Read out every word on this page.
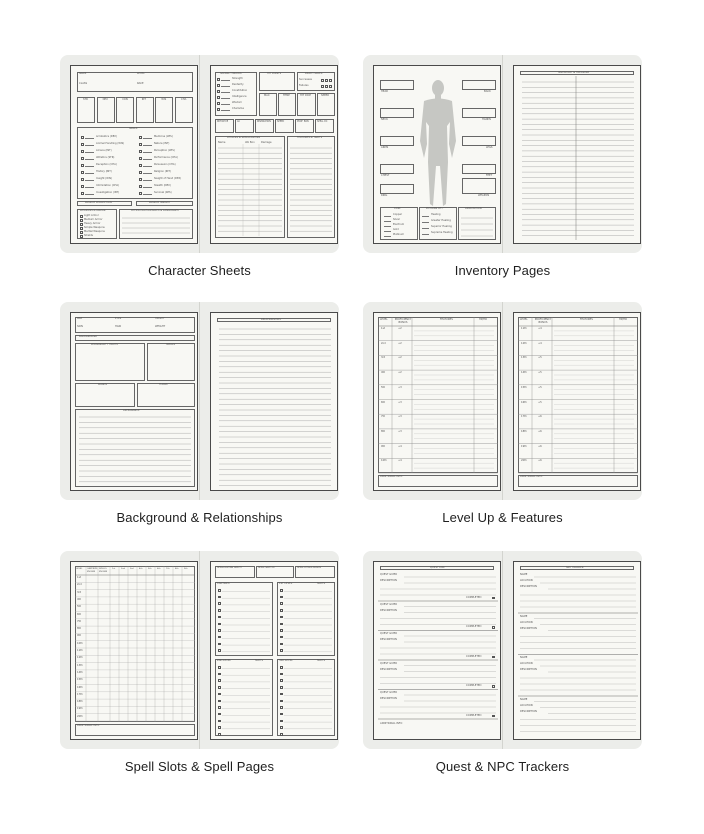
NAME	LEVEL
CLASS	RACE
STR	DEX	CON	INT	WIS	CHA
SKILLS
Acrobatics (DEX)
Animal Handling (WIS)
Arcana (INT)
Athletics (STR)
Deception (CHA)
History (INT)
Insight (WIS)
Intimidation (CHA)
Investigation (INT)
Medicine (WIS)
Nature (INT)
Perception (WIS)
Performance (CHA)
Persuasion (CHA)
Religion (INT)
Sleight of Hand (DEX)
Stealth (DEX)
Survival (WIS)
PASSIVE PERCEPTION	PASSIVE INSIGHT
WEAPONS & ARMOR
Light Armor
Medium Armor
Heavy Armor
Simple Weapons
Martial Weapons
Shields
OTHER PROFICIENCIES & LANGUAGES
SAVING THROWS
Strength
Dexterity
Constitution
Intelligence
Wisdom
Charisma
HIT POINTS	DEATH SAVES
Successes
Failures
MAX	TEMP	HIT DICE	SPEED
INITIATIVE	AC	INSPIRATION	SPEED	PROF. BON	SPELL DC
ATTACKS & SPELLCASTING
Name	Atk Bon	Damage
FEATURES & TRAITS
Character Sheets
HEAD	BACK
NECK	HANDS
ARMS	LEGS
CHEST	FEET
RING	WEAPON
COIN
Copper
Silver
Electrum
Gold
Platinum
POTIONS OF...
Healing
Greater Healing
Superior Healing
Supreme Healing
AMMUNITION
INVENTORY & TREASURE
Inventory Pages
AGE	EYES	HEIGHT
SKIN	HAIR	WEIGHT
BACKGROUND
PERSONALITY TRAITS	IDEALS
BONDS	FLAWS
APPEARANCE
RELATIONSHIPS
Background & Relationships
LEVEL	PROFICIENCY BONUS
FEATURES	HP/HD
1st	+2
2nd	+2
3rd	+2
4th	+2
5th	+3
6th	+3
7th	+3
8th	+3
9th	+4
10th	+4
ADDITIONAL INFO
LEVEL	PROFICIENCY BONUS
FEATURES	HP/HD
11th	+4
12th	+4
13th	+5
14th	+5
15th	+5
16th	+5
17th	+6
18th	+6
19th	+6
20th	+6
ADDITIONAL INFO
Level Up & Features
LEVEL CANTRIPS KNOWN
SPELLS KNOWN
1st	2nd 3rd	4th	5th	6th	7th	8th	9th
1st
2nd
3rd
4th
5th
6th
7th
8th
9th
10th
11th
12th
13th
14th
15th
16th
17th
18th
19th
20th
ADDITIONAL INFO
SPELLCASTING ABILITY	SPELL SAVE DC	SPELL ATTACK BONUS
CANTRIPS	1ST LEVEL	SLOTS
2ND LEVEL	SLOTS	3RD LEVEL	SLOTS
Spell Slots & Spell Pages
QUEST LOG
QUEST GIVER
DESCRIPTION
COMPLETED
QUEST GIVER
DESCRIPTION
COMPLETED
QUEST GIVER
DESCRIPTION
COMPLETED
QUEST GIVER
DESCRIPTION
COMPLETED
QUEST GIVER
DESCRIPTION
COMPLETED
ADDITIONAL INFO
NPC TRACKER
NAME
LOCATION
DESCRIPTION
NAME
LOCATION
DESCRIPTION
NAME
LOCATION
DESCRIPTION
NAME
LOCATION
DESCRIPTION
Quest & NPC Trackers
